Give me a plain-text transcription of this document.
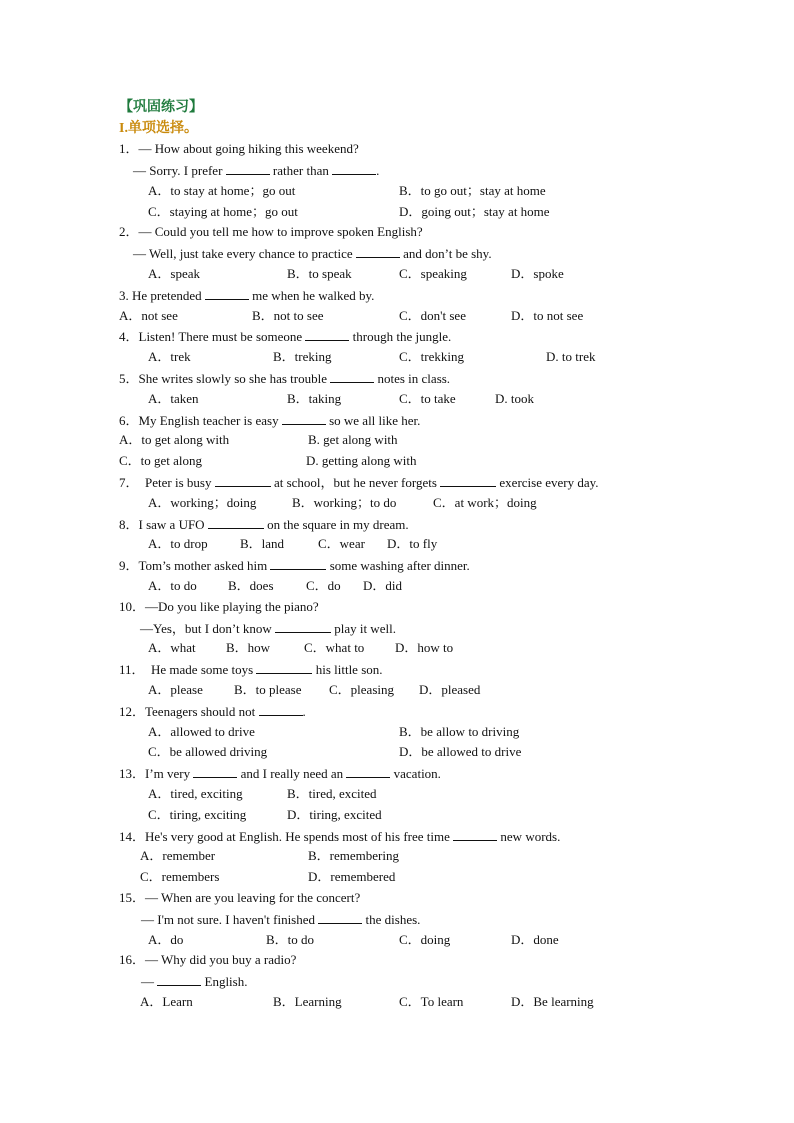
【巩固练习】
I.单项选择。
1．— How about going hiking this weekend?
— Sorry. I prefer	rather than	.
A．to stay at home；go out	B．to go out；stay at home
C．staying at home；go out	D．going out；stay at home
2．— Could you tell me how to improve spoken English?
— Well, just take every chance to practice	and don’t be shy.
A．speak	B．to speak	C．speaking	D．spoke
3. He pretended	me when he walked by.
A．not see	B．not to see	C．don't see	D．to not see
4．Listen! There must be someone	through the jungle.
A．trek	B．treking	C．trekking	D. to trek
5．She writes slowly so she has trouble	notes in class.
A．taken	B．taking	C．to take	D. took
6．My English teacher is easy	so we all like her.
A．to get along with	B. get along with
C．to get along	D. getting along with
7．  Peter is busy	at school，but he never forgets	exercise every day.
A．working；doing	B．working；to do	C．at work；doing
8．I saw a UFO	on the square in my dream.
A．to drop B．land	C．wear D．to fly
9．Tom’s mother asked him	some washing after dinner.
A．to do B．does C．do D．did
10．—Do you like playing the piano?
—Yes，but I don’t know	play it well.
A．what B．how	C．what to D．how to
11．  He made some toys	his little son.
A．please B．to please C．pleasing D．pleased
12．Teenagers should not	.
A．allowed to drive	B．be allow to driving
C．be allowed driving	D．be allowed to drive
13．I’m very	and I really need an	vacation.
A．tired, exciting	B．tired, excited
C．tiring, exciting	D．tiring, excited
14．He's very good at English. He spends most of his free time	new words.
A．remember	B．remembering
C．remembers	D．remembered
15．— When are you leaving for the concert?
— I'm not sure. I haven't finished	the dishes.
A．do	B．to do	C．doing	D．done
16．— Why did you buy a radio?
—	English.
A．Learn	B．Learning	C．To learn	D．Be learning
